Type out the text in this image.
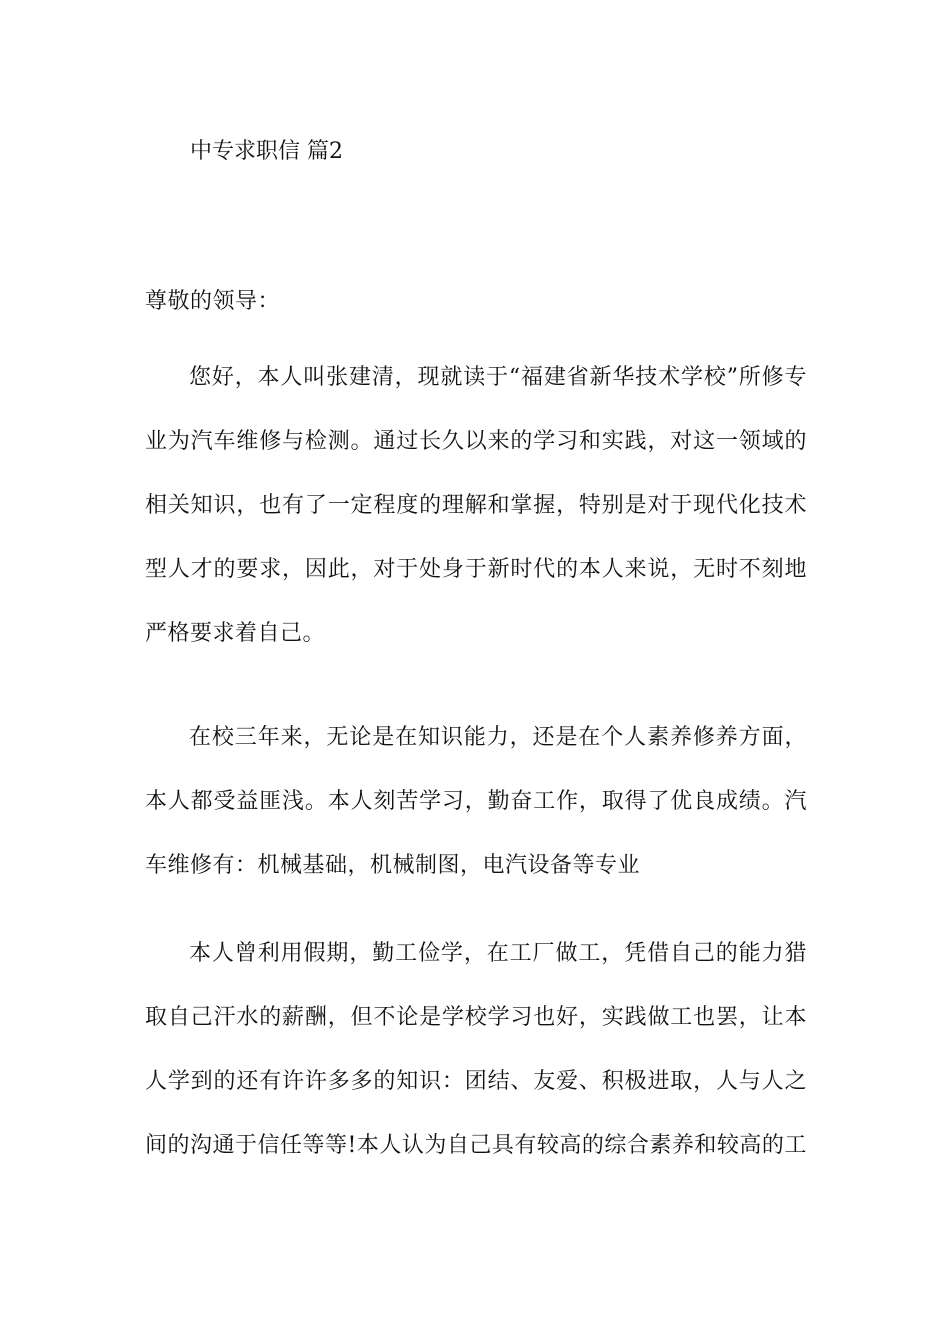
中专求职信 篇2
尊敬的领导：

您好，本人叫张建清，现就读于“福建省新华技术学校”所修专业为汽车维修与检测。通过长久以来的学习和实践，对这一领域的相关知识，也有了一定程度的理解和掌握，特别是对于现代化技术型人才的要求，因此，对于处身于新时代的本人来说，无时不刻地严格要求着自己。

在校三年来，无论是在知识能力，还是在个人素养修养方面，本人都受益匪浅。本人刻苦学习，勤奋工作，取得了优良成绩。汽车维修有：机械基础，机械制图，电汽设备等专业

本人曾利用假期，勤工俭学，在工厂做工，凭借自己的能力猎取自己汗水的薪酬，但不论是学校学习也好，实践做工也罢，让本人学到的还有许许多多的知识：团结、友爱、积极进取，人与人之间的沟通于信任等等!本人认为自己具有较高的综合素养和较高的工
